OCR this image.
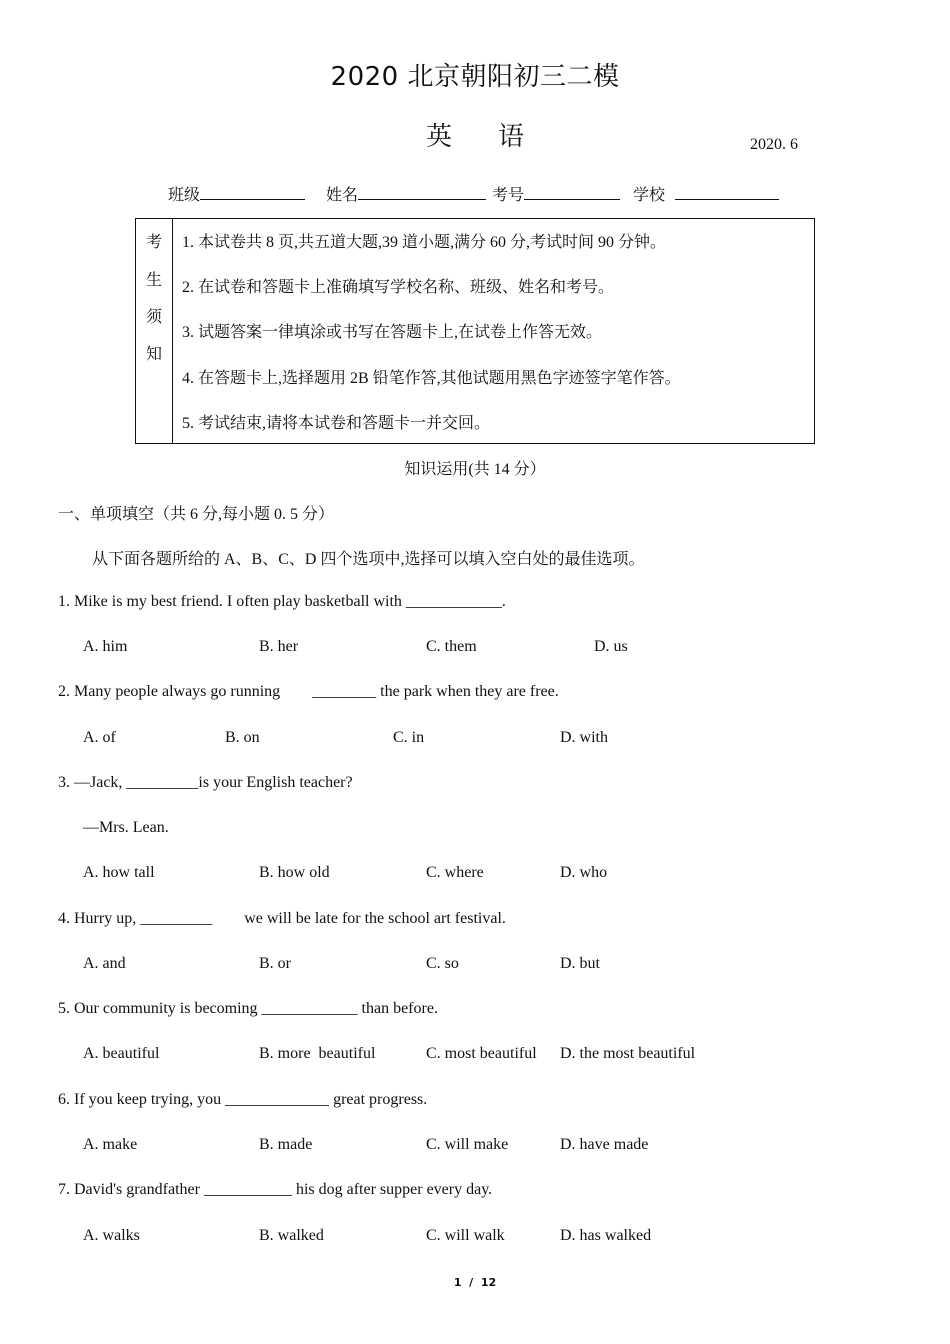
2020 北京朝阳初三二模
英语	2020. 6
班级	姓名	考号	学校
考
生
须
知
1. 本试卷共 8 页,共五道大题,39 道小题,满分 60 分,考试时间 90 分钟。
2. 在试卷和答题卡上准确填写学校名称、班级、姓名和考号。
3. 试题答案一律填涂或书写在答题卡上,在试卷上作答无效。
4. 在答题卡上,选择题用 2B 铅笔作答,其他试题用黑色字迹签字笔作答。
5. 考试结束,请将本试卷和答题卡一并交回。
知识运用(共 14 分）
一、单项填空（共 6 分,每小题 0. 5 分）
从下面各题所给的 A、B、C、D 四个选项中,选择可以填入空白处的最佳选项。
1. Mike is my best friend. I often play basketball with ____________.
A. him	B. her	C. them	D. us
2. Many people always go running        ________ the park when they are free.
A. of	B. on	C. in	D. with
3. —Jack, _________is your English teacher?
—Mrs. Lean.
A. how tall	B. how old	C. where	D. who
4. Hurry up, _________        we will be late for the school art festival.
A. and	B. or	C. so	D. but
5. Our community is becoming ____________ than before.
A. beautiful	B. more  beautiful	C. most beautiful D. the most beautiful
6. If you keep trying, you _____________ great progress.
A. make	B. made	C. will make	D. have made
7. David's grandfather ___________ his dog after supper every day.
A. walks	B. walked	C. will walk	D. has walked
1  /  12
